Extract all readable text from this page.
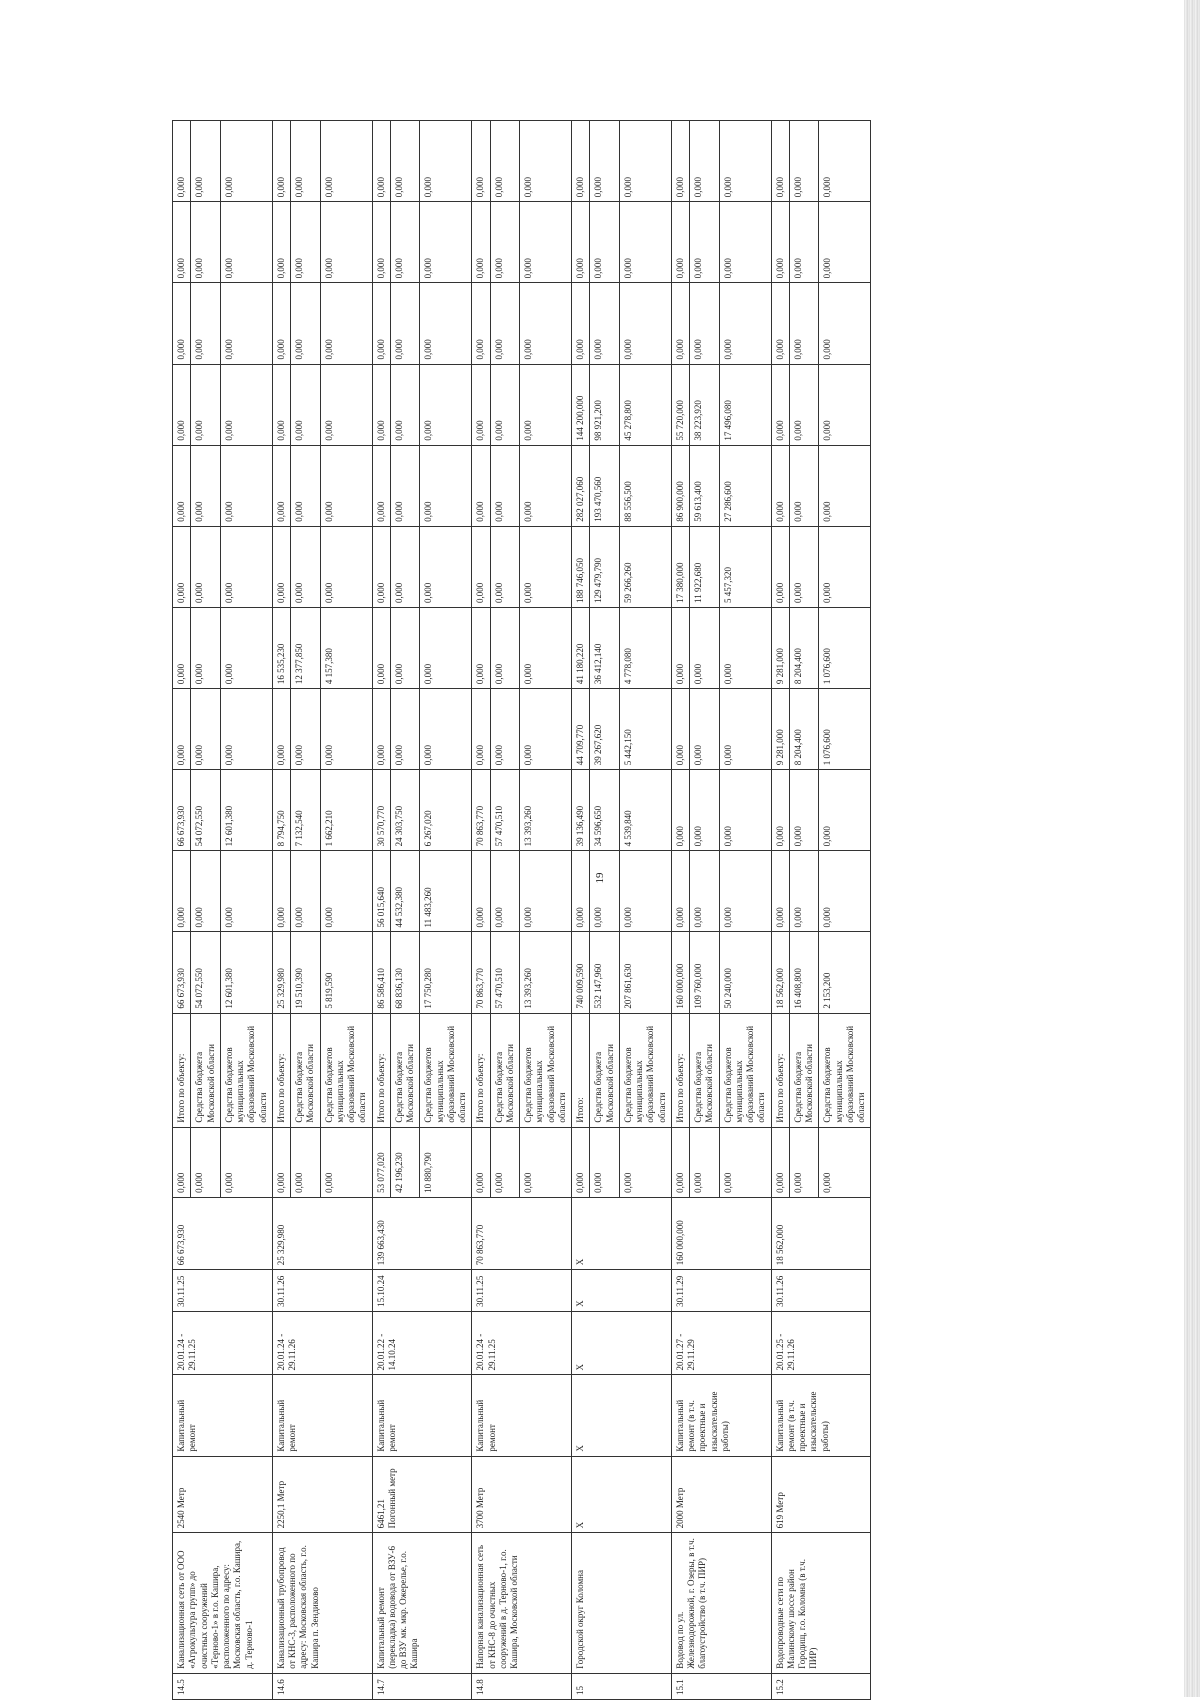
14.5	Канализационная сеть от ООО «Агрокультура групп» до очистных сооружений «Терново-1» в г.о. Кашира, расположенного по адресу: Московская область, г.о. Кашира, д. Терново-1	2540 Метр	Капитальный ремонт	20.01.24 - 29.11.25	30.11.25	66 673,930	0,000	Итого по объекту:	66 673,930	0,000	66 673,930	0,000	0,000	0,000	0,000	0,000	0,000	0,000	0,000
							0,000	Средства бюджета Московской области	54 072,550	0,000	54 072,550	0,000	0,000	0,000	0,000	0,000	0,000	0,000	0,000
							0,000	Средства бюджетов муниципальных образований Московской области	12 601,380	0,000	12 601,380	0,000	0,000	0,000	0,000	0,000	0,000	0,000	0,000
14.6	Канализационный трубопровод от КНС-3, расположенного по адресу: Московская область, г.о. Кашира п. Зендиково	2250,1 Метр	Капитальный ремонт	20.01.24 - 29.11.26	30.11.26	25 329,980	0,000	Итого по объекту:	25 329,980	0,000	8 794,750	0,000	16 535,230	0,000	0,000	0,000	0,000	0,000	0,000
							0,000	Средства бюджета Московской области	19 510,390	0,000	7 132,540	0,000	12 377,850	0,000	0,000	0,000	0,000	0,000	0,000
							0,000	Средства бюджетов муниципальных образований Московской области	5 819,590	0,000	1 662,210	0,000	4 157,380	0,000	0,000	0,000	0,000	0,000	0,000
14.7	Капитальный ремонт (перекладка) водовода от ВЗУ-6 до ВЗУ мк. мкр. Ожерелье, г.о. Кашира	6461,21 Погонный метр	Капитальный ремонт	20.01.22 - 14.10.24	15.10.24	139 663,430	53 077,020	Итого по объекту:	86 586,410	56 015,640	30 570,770	0,000	0,000	0,000	0,000	0,000	0,000	0,000	0,000
							42 196,230	Средства бюджета Московской области	68 836,130	44 532,380	24 303,750	0,000	0,000	0,000	0,000	0,000	0,000	0,000	0,000
							10 880,790	Средства бюджетов муниципальных образований Московской области	17 750,280	11 483,260	6 267,020	0,000	0,000	0,000	0,000	0,000	0,000	0,000	0,000
14.8	Напорная канализационная сеть от КНС-8 до очистных сооружений в д. Терново-1, г.о. Кашира, Московской области	3700 Метр	Капитальный ремонт	20.01.24 - 29.11.25	30.11.25	70 863,770	0,000	Итого по объекту:	70 863,770	0,000	70 863,770	0,000	0,000	0,000	0,000	0,000	0,000	0,000	0,000
							0,000	Средства бюджета Московской области	57 470,510	0,000	57 470,510	0,000	0,000	0,000	0,000	0,000	0,000	0,000	0,000
							0,000	Средства бюджетов муниципальных образований Московской области	13 393,260	0,000	13 393,260	0,000	0,000	0,000	0,000	0,000	0,000	0,000	0,000
15	Городской округ Коломна	X	X	X	X	X	0,000	Итого:	740 009,590	0,000	39 136,490	44 709,770	41 180,220	188 746,050	282 027,060	144 200,000	0,000	0,000	0,000
							0,000	Средства бюджета Московской области	532 147,960	0,000	34 596,650	39 267,620	36 412,140	129 479,790	193 470,560	98 921,200	0,000	0,000	0,000
							0,000	Средства бюджетов муниципальных образований Московской области	207 861,630	0,000	4 539,840	5 442,150	4 778,080	59 266,260	88 556,500	45 278,800	0,000	0,000	0,000
15.1	Водовод по ул. Железнодорожной, г. Озеры, в т.ч. благоустройство (в т.ч. ПИР)	2000 Метр	Капитальный ремонт (в т.ч. проектные и изыскательские работы)	20.01.27 - 29.11.29	30.11.29	160 000,000	0,000	Итого по объекту:	160 000,000	0,000	0,000	0,000	0,000	17 380,000	86 900,000	55 720,000	0,000	0,000	0,000
							0,000	Средства бюджета Московской области	109 760,000	0,000	0,000	0,000	0,000	11 922,680	59 613,400	38 223,920	0,000	0,000	0,000
							0,000	Средства бюджетов муниципальных образований Московской области	50 240,000	0,000	0,000	0,000	0,000	5 457,320	27 286,600	17 496,080	0,000	0,000	0,000
15.2	Водопроводные сети по Малинскому шоссе район Городищ, г.о. Коломна (в т.ч. ПИР)	619 Метр	Капитальный ремонт (в т.ч. проектные и изыскательские работы)	20.01.25 - 29.11.26	30.11.26	18 562,000	0,000	Итого по объекту:	18 562,000	0,000	0,000	9 281,000	9 281,000	0,000	0,000	0,000	0,000	0,000	0,000
							0,000	Средства бюджета Московской области	16 408,800	0,000	0,000	8 204,400	8 204,400	0,000	0,000	0,000	0,000	0,000	0,000
							0,000	Средства бюджетов муниципальных образований Московской области	2 153,200	0,000	0,000	1 076,600	1 076,600	0,000	0,000	0,000	0,000	0,000	0,000
19
